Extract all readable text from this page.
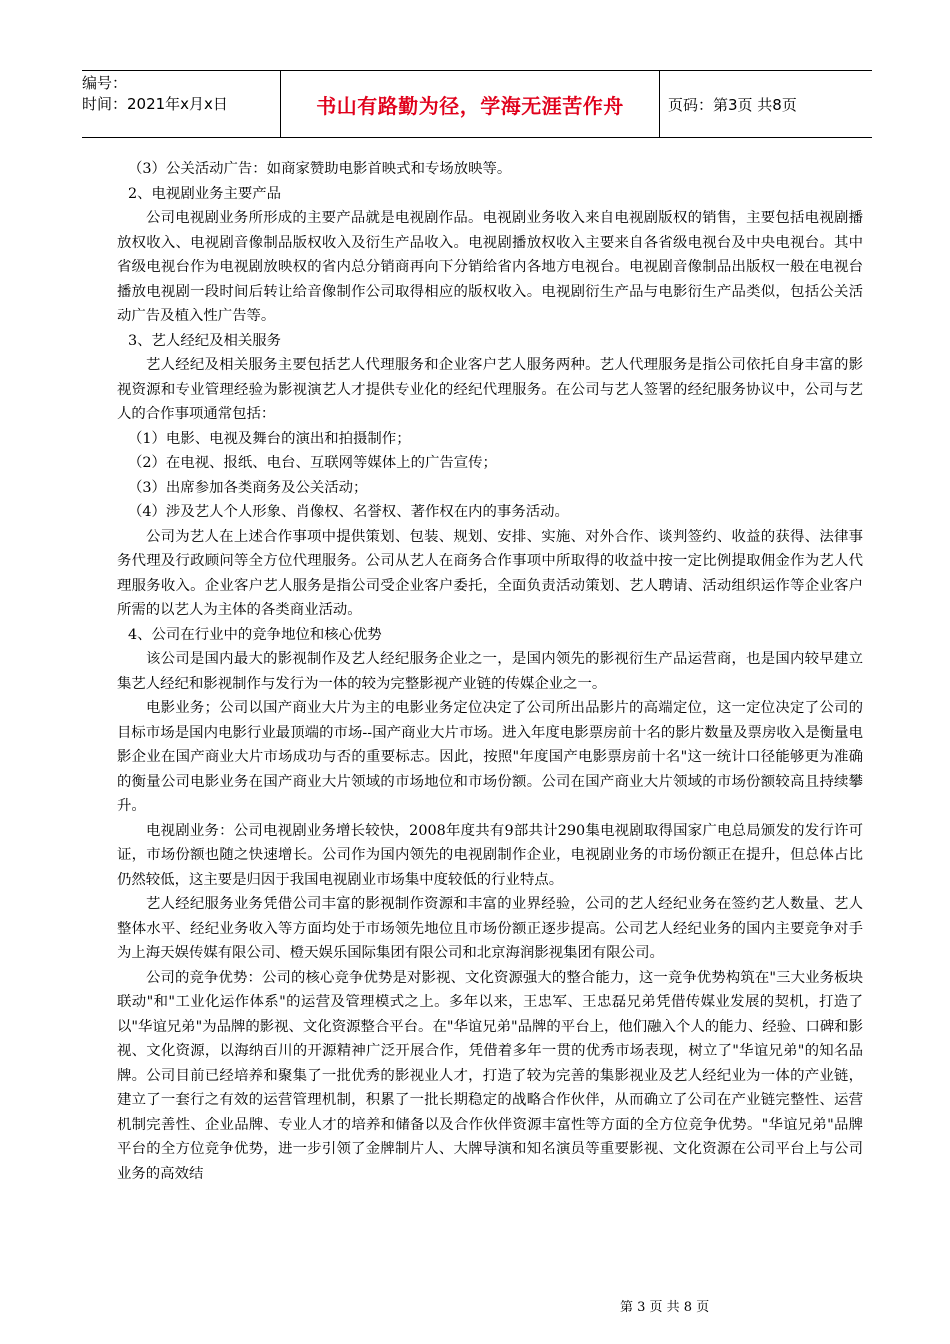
编号：
时间：2021年x月x日	书山有路勤为径，学海无涯苦作舟	页码：第3页 共8页

（3）公关活动广告：如商家赞助电影首映式和专场放映等。

2、电视剧业务主要产品

公司电视剧业务所形成的主要产品就是电视剧作品。电视剧业务收入来自电视剧版权的销售，主要包括电视剧播放权收入、电视剧音像制品版权收入及衍生产品收入。电视剧播放权收入主要来自各省级电视台及中央电视台。其中省级电视台作为电视剧放映权的省内总分销商再向下分销给省内各地方电视台。电视剧音像制品出版权一般在电视台播放电视剧一段时间后转让给音像制作公司取得相应的版权收入。电视剧衍生产品与电影衍生产品类似，包括公关活动广告及植入性广告等。

3、艺人经纪及相关服务

艺人经纪及相关服务主要包括艺人代理服务和企业客户艺人服务两种。艺人代理服务是指公司依托自身丰富的影视资源和专业管理经验为影视演艺人才提供专业化的经纪代理服务。在公司与艺人签署的经纪服务协议中，公司与艺人的合作事项通常包括：

（1）电影、电视及舞台的演出和拍摄制作；

（2）在电视、报纸、电台、互联网等媒体上的广告宣传；

（3）出席参加各类商务及公关活动；

（4）涉及艺人个人形象、肖像权、名誉权、著作权在内的事务活动。

公司为艺人在上述合作事项中提供策划、包装、规划、安排、实施、对外合作、谈判签约、收益的获得、法律事务代理及行政顾问等全方位代理服务。公司从艺人在商务合作事项中所取得的收益中按一定比例提取佣金作为艺人代理服务收入。企业客户艺人服务是指公司受企业客户委托，全面负责活动策划、艺人聘请、活动组织运作等企业客户所需的以艺人为主体的各类商业活动。

4、公司在行业中的竞争地位和核心优势

该公司是国内最大的影视制作及艺人经纪服务企业之一，是国内领先的影视衍生产品运营商，也是国内较早建立集艺人经纪和影视制作与发行为一体的较为完整影视产业链的传媒企业之一。

电影业务；公司以国产商业大片为主的电影业务定位决定了公司所出品影片的高端定位，这一定位决定了公司的目标市场是国内电影行业最顶端的市场--国产商业大片市场。进入年度电影票房前十名的影片数量及票房收入是衡量电影企业在国产商业大片市场成功与否的重要标志。因此，按照"年度国产电影票房前十名"这一统计口径能够更为准确的衡量公司电影业务在国产商业大片领域的市场地位和市场份额。公司在国产商业大片领域的市场份额较高且持续攀升。

电视剧业务：公司电视剧业务增长较快，2008年度共有9部共计290集电视剧取得国家广电总局颁发的发行许可证，市场份额也随之快速增长。公司作为国内领先的电视剧制作企业，电视剧业务的市场份额正在提升，但总体占比仍然较低，这主要是归因于我国电视剧业市场集中度较低的行业特点。

艺人经纪服务业务凭借公司丰富的影视制作资源和丰富的业界经验，公司的艺人经纪业务在签约艺人数量、艺人整体水平、经纪业务收入等方面均处于市场领先地位且市场份额正逐步提高。公司艺人经纪业务的国内主要竞争对手为上海天娱传媒有限公司、橙天娱乐国际集团有限公司和北京海润影视集团有限公司。

公司的竞争优势：公司的核心竞争优势是对影视、文化资源强大的整合能力，这一竞争优势构筑在"三大业务板块联动"和"工业化运作体系"的运营及管理模式之上。多年以来，王忠军、王忠磊兄弟凭借传媒业发展的契机，打造了以"华谊兄弟"为品牌的影视、文化资源整合平台。在"华谊兄弟"品牌的平台上，他们融入个人的能力、经验、口碑和影视、文化资源，以海纳百川的开源精神广泛开展合作，凭借着多年一贯的优秀市场表现，树立了"华谊兄弟"的知名品牌。公司目前已经培养和聚集了一批优秀的影视业人才，打造了较为完善的集影视业及艺人经纪业为一体的产业链，建立了一套行之有效的运营管理机制，积累了一批长期稳定的战略合作伙伴，从而确立了公司在产业链完整性、运营机制完善性、企业品牌、专业人才的培养和储备以及合作伙伴资源丰富性等方面的全方位竞争优势。"华谊兄弟"品牌平台的全方位竞争优势，进一步引领了金牌制片人、大牌导演和知名演员等重要影视、文化资源在公司平台上与公司业务的高效结

第 3 页 共 8 页
